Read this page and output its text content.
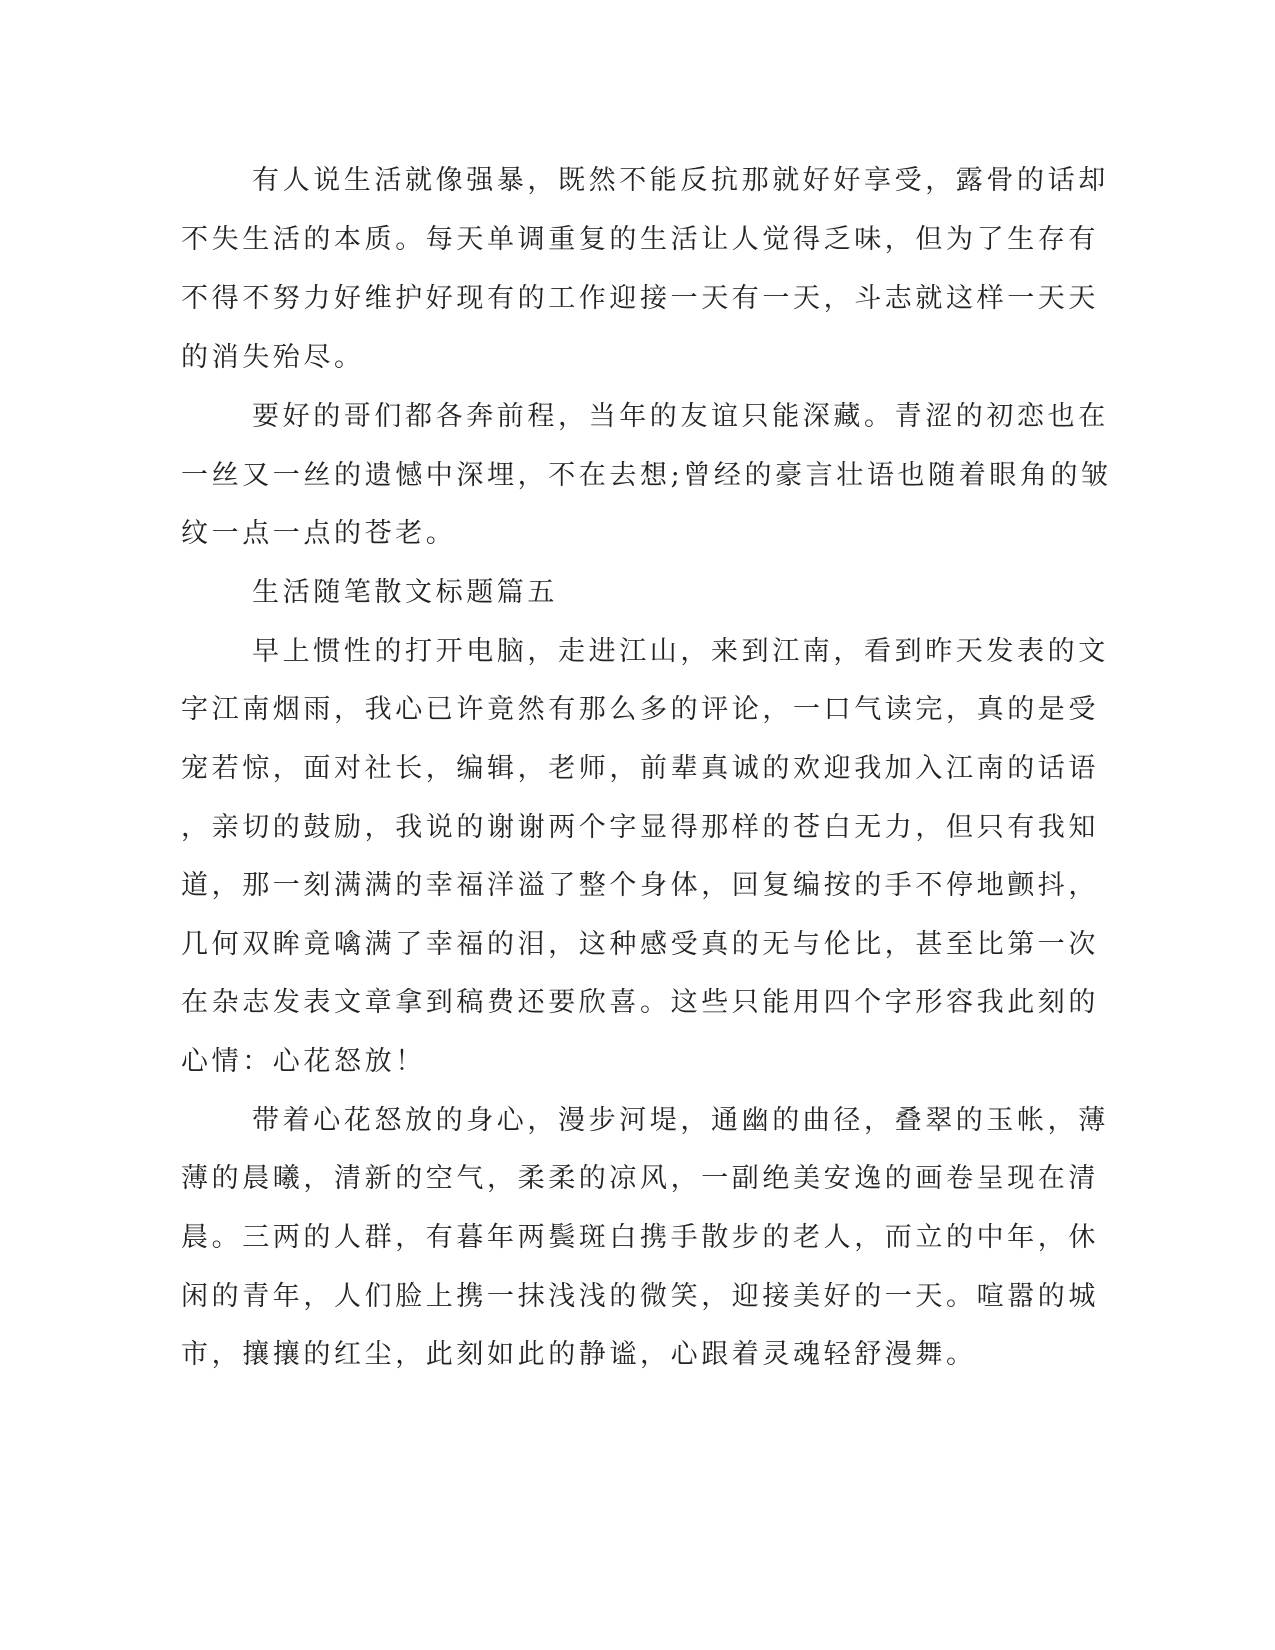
有人说生活就像强暴，既然不能反抗那就好好享受，露骨的话却

不失生活的本质。每天单调重复的生活让人觉得乏味，但为了生存有

不得不努力好维护好现有的工作迎接一天有一天，斗志就这样一天天

的消失殆尽。

要好的哥们都各奔前程，当年的友谊只能深藏。青涩的初恋也在

一丝又一丝的遗憾中深埋，不在去想;曾经的豪言壮语也随着眼角的皱

纹一点一点的苍老。

生活随笔散文标题篇五

早上惯性的打开电脑，走进江山，来到江南，看到昨天发表的文

字江南烟雨，我心已许竟然有那么多的评论，一口气读完，真的是受

宠若惊，面对社长，编辑，老师，前辈真诚的欢迎我加入江南的话语

，亲切的鼓励，我说的谢谢两个字显得那样的苍白无力，但只有我知

道，那一刻满满的幸福洋溢了整个身体，回复编按的手不停地颤抖，

几何双眸竟噙满了幸福的泪，这种感受真的无与伦比，甚至比第一次

在杂志发表文章拿到稿费还要欣喜。这些只能用四个字形容我此刻的

心情：心花怒放！

带着心花怒放的身心，漫步河堤，通幽的曲径，叠翠的玉帐，薄

薄的晨曦，清新的空气，柔柔的凉风，一副绝美安逸的画卷呈现在清

晨。三两的人群，有暮年两鬓斑白携手散步的老人，而立的中年，休

闲的青年，人们脸上携一抹浅浅的微笑，迎接美好的一天。喧嚣的城

市，攘攘的红尘，此刻如此的静谧，心跟着灵魂轻舒漫舞。
